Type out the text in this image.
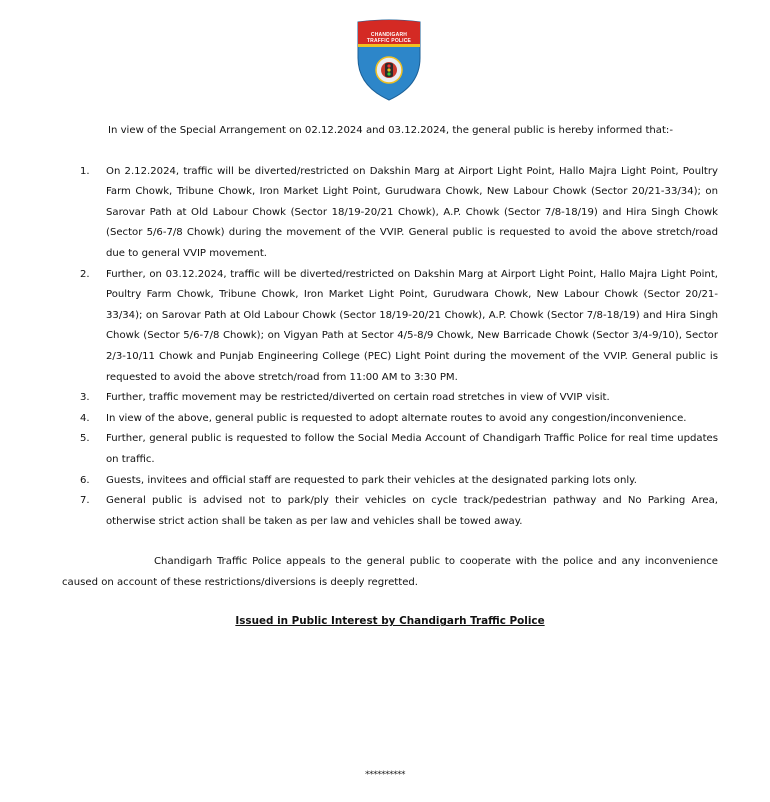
CHANDIGARH
TRAFFIC POLICE

In view of the Special Arrangement on 02.12.2024 and 03.12.2024, the general public is hereby informed that:-

1. On 2.12.2024, traffic will be diverted/restricted on Dakshin Marg at Airport Light Point, Hallo Majra Light Point, Poultry Farm Chowk, Tribune Chowk, Iron Market Light Point, Gurudwara Chowk, New Labour Chowk (Sector 20/21-33/34); on Sarovar Path at Old Labour Chowk (Sector 18/19-20/21 Chowk), A.P. Chowk (Sector 7/8-18/19) and Hira Singh Chowk (Sector 5/6-7/8 Chowk) during the movement of the VVIP. General public is requested to avoid the above stretch/road due to general VVIP movement.
2. Further, on 03.12.2024, traffic will be diverted/restricted on Dakshin Marg at Airport Light Point, Hallo Majra Light Point, Poultry Farm Chowk, Tribune Chowk, Iron Market Light Point, Gurudwara Chowk, New Labour Chowk (Sector 20/21-33/34); on Sarovar Path at Old Labour Chowk (Sector 18/19-20/21 Chowk), A.P. Chowk (Sector 7/8-18/19) and Hira Singh Chowk (Sector 5/6-7/8 Chowk); on Vigyan Path at Sector 4/5-8/9 Chowk, New Barricade Chowk (Sector 3/4-9/10), Sector 2/3-10/11 Chowk and Punjab Engineering College (PEC) Light Point during the movement of the VVIP. General public is requested to avoid the above stretch/road from 11:00 AM to 3:30 PM.
3. Further, traffic movement may be restricted/diverted on certain road stretches in view of VVIP visit.
4. In view of the above, general public is requested to adopt alternate routes to avoid any congestion/inconvenience.
5. Further, general public is requested to follow the Social Media Account of Chandigarh Traffic Police for real time updates on traffic.
6. Guests, invitees and official staff are requested to park their vehicles at the designated parking lots only.
7. General public is advised not to park/ply their vehicles on cycle track/pedestrian pathway and No Parking Area, otherwise strict action shall be taken as per law and vehicles shall be towed away.

Chandigarh Traffic Police appeals to the general public to cooperate with the police and any inconvenience caused on account of these restrictions/diversions is deeply regretted.

Issued in Public Interest by Chandigarh Traffic Police
**********
